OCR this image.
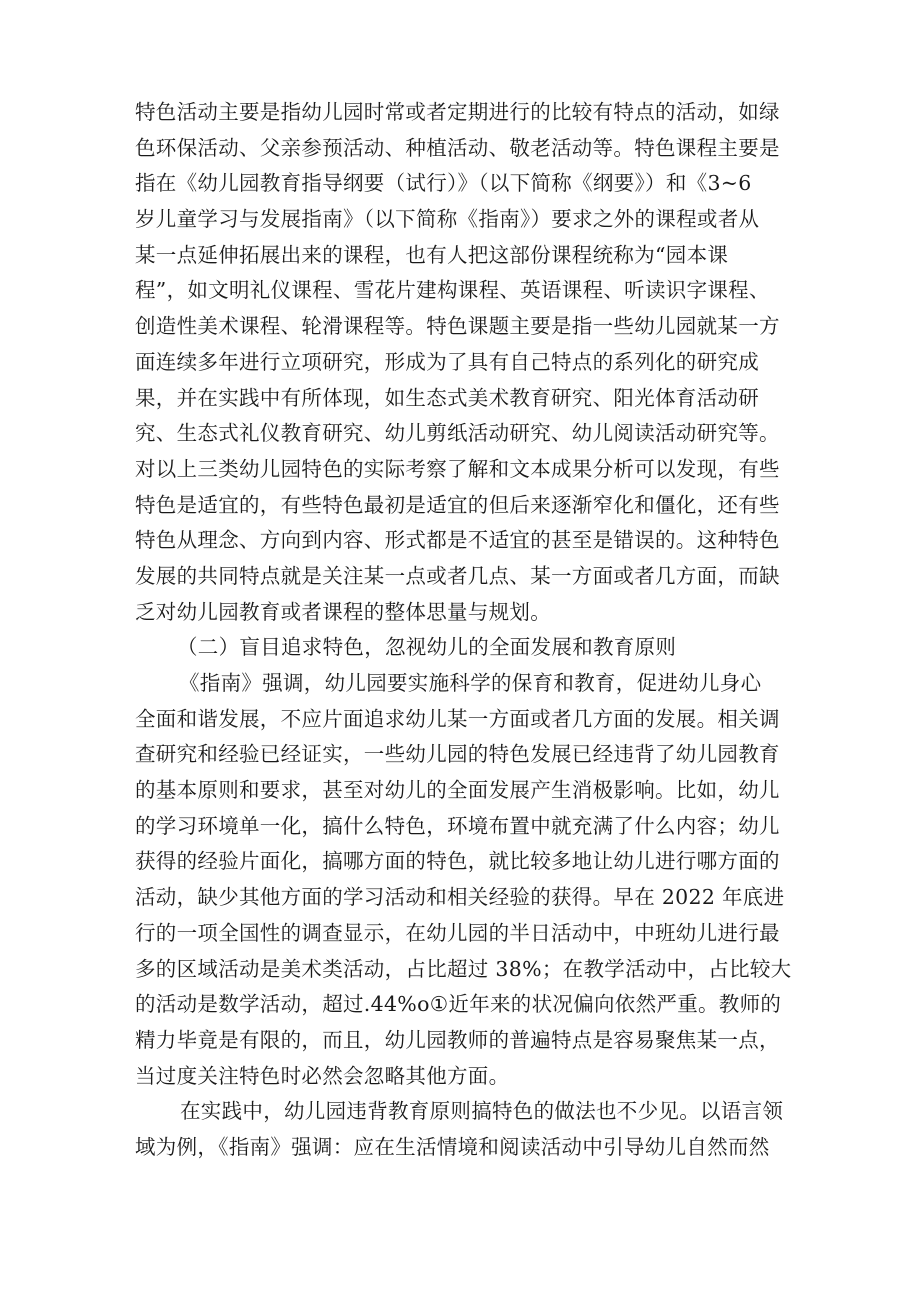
特色活动主要是指幼儿园时常或者定期进行的比较有特点的活动，如绿
色环保活动、父亲参预活动、种植活动、敬老活动等。特色课程主要是
指在《幼儿园教育指导纲要（试行）》（以下简称《纲要》）和《3~6
岁儿童学习与发展指南》（以下简称《指南》）要求之外的课程或者从
某一点延伸拓展出来的课程，也有人把这部份课程统称为“园本课
程”，如文明礼仪课程、雪花片建构课程、英语课程、听读识字课程、
创造性美术课程、轮滑课程等。特色课题主要是指一些幼儿园就某一方
面连续多年进行立项研究，形成为了具有自己特点的系列化的研究成
果，并在实践中有所体现，如生态式美术教育研究、阳光体育活动研
究、生态式礼仪教育研究、幼儿剪纸活动研究、幼儿阅读活动研究等。
对以上三类幼儿园特色的实际考察了解和文本成果分析可以发现，有些
特色是适宜的，有些特色最初是适宜的但后来逐渐窄化和僵化，还有些
特色从理念、方向到内容、形式都是不适宜的甚至是错误的。这种特色
发展的共同特点就是关注某一点或者几点、某一方面或者几方面，而缺
乏对幼儿园教育或者课程的整体思量与规划。
（二）盲目追求特色，忽视幼儿的全面发展和教育原则
《指南》强调，幼儿园要实施科学的保育和教育，促进幼儿身心
全面和谐发展，不应片面追求幼儿某一方面或者几方面的发展。相关调
查研究和经验已经证实，一些幼儿园的特色发展已经违背了幼儿园教育
的基本原则和要求，甚至对幼儿的全面发展产生消极影响。比如，幼儿
的学习环境单一化，搞什么特色，环境布置中就充满了什么内容；幼儿
获得的经验片面化，搞哪方面的特色，就比较多地让幼儿进行哪方面的
活动，缺少其他方面的学习活动和相关经验的获得。早在 2022 年底进
行的一项全国性的调查显示，在幼儿园的半日活动中，中班幼儿进行最
多的区域活动是美术类活动，占比超过 38%；在教学活动中，占比较大
的活动是数学活动，超过.44%o①近年来的状况偏向依然严重。教师的
精力毕竟是有限的，而且，幼儿园教师的普遍特点是容易聚焦某一点，
当过度关注特色时必然会忽略其他方面。
在实践中，幼儿园违背教育原则搞特色的做法也不少见。以语言领
域为例，《指南》强调：应在生活情境和阅读活动中引导幼儿自然而然
